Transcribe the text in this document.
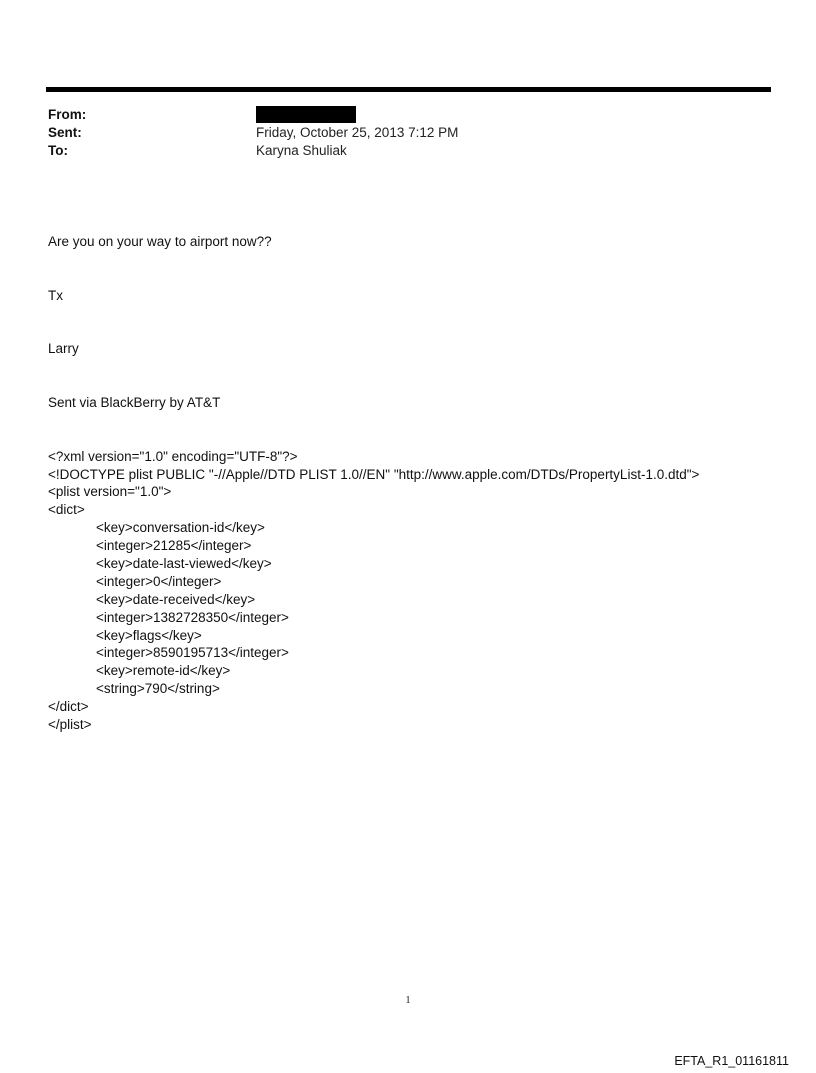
From:
Sent:	Friday, October 25, 2013 7:12 PM
To:	Karyna Shuliak

Are you on your way to airport now??

Tx

Larry

Sent via BlackBerry by AT&T

<?xml version="1.0" encoding="UTF-8"?>
<!DOCTYPE plist PUBLIC "-//Apple//DTD PLIST 1.0//EN" "http://www.apple.com/DTDs/PropertyList-1.0.dtd">
<plist version="1.0">
<dict>
<key>conversation-id</key>
<integer>21285</integer>
<key>date-last-viewed</key>
<integer>0</integer>
<key>date-received</key>
<integer>1382728350</integer>
<key>flags</key>
<integer>8590195713</integer>
<key>remote-id</key>
<string>790</string>
</dict>
</plist>

1
EFTA_R1_01161811
